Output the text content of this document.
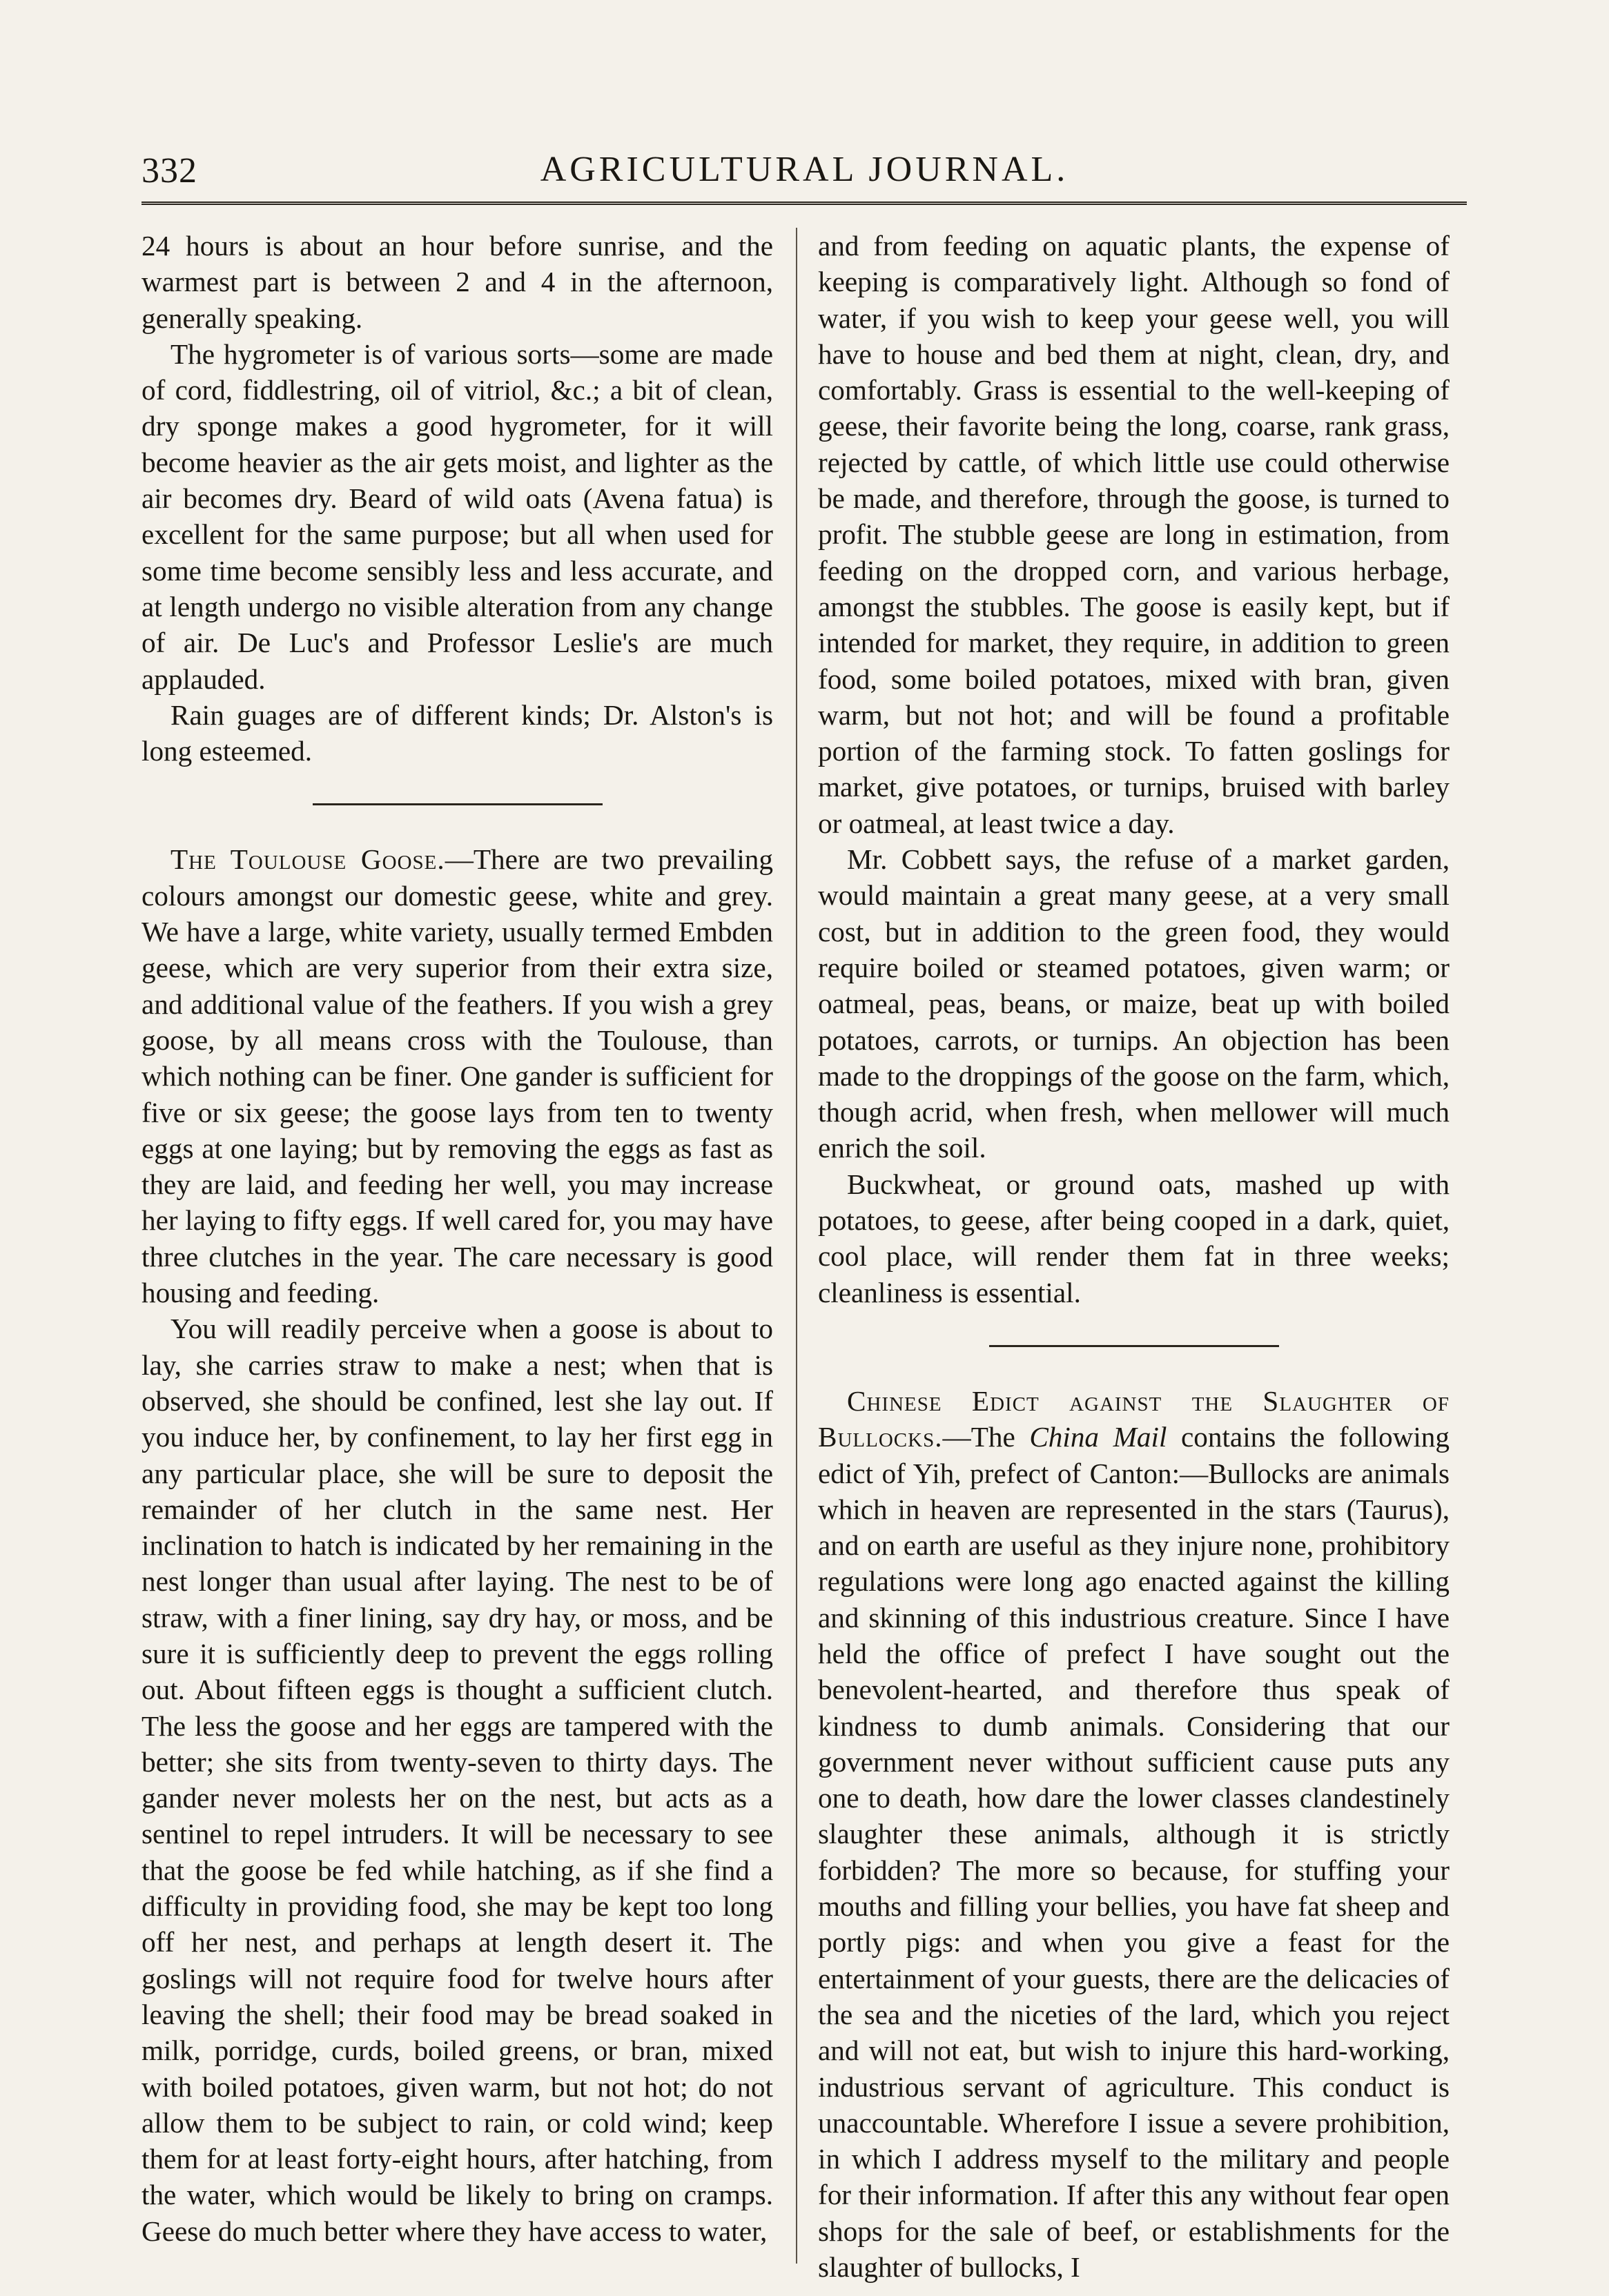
332	AGRICULTURAL JOURNAL.

24 hours is about an hour before sunrise, and the warmest part is between 2 and 4 in the afternoon, generally speaking.

The hygrometer is of various sorts—some are made of cord, fiddlestring, oil of vitriol, &c.; a bit of clean, dry sponge makes a good hygrometer, for it will become heavier as the air gets moist, and lighter as the air becomes dry. Beard of wild oats (Avena fatua) is excellent for the same purpose; but all when used for some time become sensibly less and less accurate, and at length undergo no visible alteration from any change of air. De Luc's and Professor Leslie's are much applauded.

Rain guages are of different kinds; Dr. Alston's is long esteemed.

The Toulouse Goose.—There are two prevailing colours amongst our domestic geese, white and grey. We have a large, white variety, usually termed Embden geese, which are very superior from their extra size, and additional value of the feathers. If you wish a grey goose, by all means cross with the Toulouse, than which nothing can be finer. One gander is sufficient for five or six geese; the goose lays from ten to twenty eggs at one laying; but by removing the eggs as fast as they are laid, and feeding her well, you may increase her laying to fifty eggs. If well cared for, you may have three clutches in the year. The care necessary is good housing and feeding.

You will readily perceive when a goose is about to lay, she carries straw to make a nest; when that is observed, she should be confined, lest she lay out. If you induce her, by confinement, to lay her first egg in any particular place, she will be sure to deposit the remainder of her clutch in the same nest. Her inclination to hatch is indicated by her remaining in the nest longer than usual after laying. The nest to be of straw, with a finer lining, say dry hay, or moss, and be sure it is sufficiently deep to prevent the eggs rolling out. About fifteen eggs is thought a sufficient clutch. The less the goose and her eggs are tampered with the better; she sits from twenty-seven to thirty days. The gander never molests her on the nest, but acts as a sentinel to repel intruders. It will be necessary to see that the goose be fed while hatching, as if she find a difficulty in providing food, she may be kept too long off her nest, and perhaps at length desert it. The goslings will not require food for twelve hours after leaving the shell; their food may be bread soaked in milk, porridge, curds, boiled greens, or bran, mixed with boiled potatoes, given warm, but not hot; do not allow them to be subject to rain, or cold wind; keep them for at least forty-eight hours, after hatching, from the water, which would be likely to bring on cramps. Geese do much better where they have access to water,

and from feeding on aquatic plants, the expense of keeping is comparatively light. Although so fond of water, if you wish to keep your geese well, you will have to house and bed them at night, clean, dry, and comfortably. Grass is essential to the well-keeping of geese, their favorite being the long, coarse, rank grass, rejected by cattle, of which little use could otherwise be made, and therefore, through the goose, is turned to profit. The stubble geese are long in estimation, from feeding on the dropped corn, and various herbage, amongst the stubbles. The goose is easily kept, but if intended for market, they require, in addition to green food, some boiled potatoes, mixed with bran, given warm, but not hot; and will be found a profitable portion of the farming stock. To fatten goslings for market, give potatoes, or turnips, bruised with barley or oatmeal, at least twice a day.

Mr. Cobbett says, the refuse of a market garden, would maintain a great many geese, at a very small cost, but in addition to the green food, they would require boiled or steamed potatoes, given warm; or oatmeal, peas, beans, or maize, beat up with boiled potatoes, carrots, or turnips. An objection has been made to the droppings of the goose on the farm, which, though acrid, when fresh, when mellower will much enrich the soil.

Buckwheat, or ground oats, mashed up with potatoes, to geese, after being cooped in a dark, quiet, cool place, will render them fat in three weeks; cleanliness is essential.

Chinese Edict against the Slaughter of Bullocks.—The China Mail contains the following edict of Yih, prefect of Canton:—Bullocks are animals which in heaven are represented in the stars (Taurus), and on earth are useful as they injure none, prohibitory regulations were long ago enacted against the killing and skinning of this industrious creature. Since I have held the office of prefect I have sought out the benevolent-hearted, and therefore thus speak of kindness to dumb animals. Considering that our government never without sufficient cause puts any one to death, how dare the lower classes clandestinely slaughter these animals, although it is strictly forbidden? The more so because, for stuffing your mouths and filling your bellies, you have fat sheep and portly pigs: and when you give a feast for the entertainment of your guests, there are the delicacies of the sea and the niceties of the lard, which you reject and will not eat, but wish to injure this hard-working, industrious servant of agriculture. This conduct is unaccountable. Wherefore I issue a severe prohibition, in which I address myself to the military and people for their information. If after this any without fear open shops for the sale of beef, or establishments for the slaughter of bullocks, I
